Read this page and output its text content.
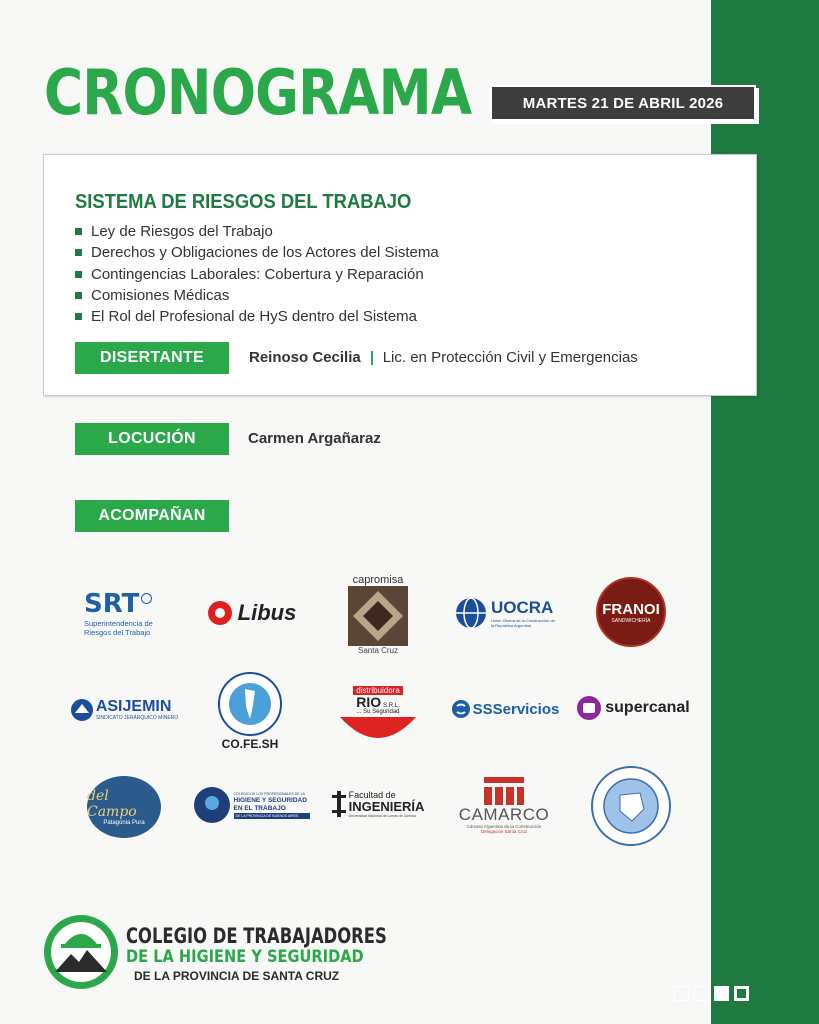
CRONOGRAMA	MARTES 21 DE ABRIL 2026
SISTEMA DE RIESGOS DEL TRABAJO
Ley de Riesgos del Trabajo
Derechos y Obligaciones de los Actores del Sistema
Contingencias Laborales: Cobertura y Reparación
Comisiones Médicas
El Rol del Profesional de HyS dentro del Sistema
DISERTANTE	Reinoso Cecilia Lic. en Protección Civil y Emergencias
LOCUCIÓN	Carmen Argañaraz
ACOMPAÑAN
SRT
Superintendencia de Riesgos del Trabajo
Libus
capromisa
Santa Cruz
UOCRA
Unión Obrera de la Construcción de la República Argentina
FRANOI
SANDWICHERÍA
ASIJEMIN
SINDICATO JERÁRQUICO MINERO
CO.FE.SH
distribuidora
RIO S.R.L.
... Su Seguridad	SSServicios	supercanal
del Campo
Patagonia Pura
COLEGIO DE LOS PROFESIONALES DE LA
HIGIENE Y SEGURIDAD EN EL TRABAJO
DE LA PROVINCIA DE BUENOS AIRES
Facultad de
INGENIERÍA
Universidad Nacional de Lomas de Zamora	CAMARCO
Cámara Argentina de la Construcción
Delegación Santa Cruz
COLEGIO DE TRABAJADORES
DE LA HIGIENE Y SEGURIDAD
DE LA PROVINCIA DE SANTA CRUZ
